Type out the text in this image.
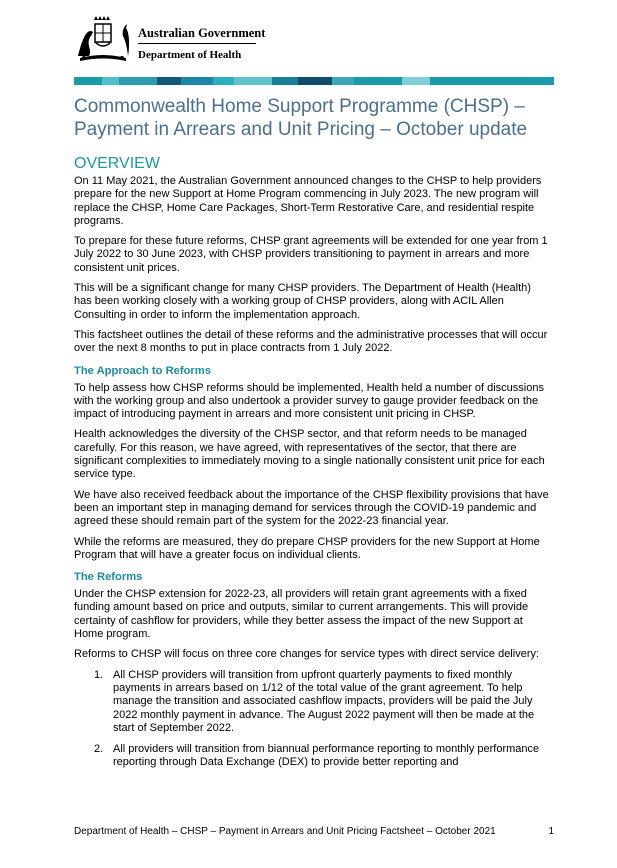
Australian Government
Department of Health
Commonwealth Home Support Programme (CHSP) – Payment in Arrears and Unit Pricing – October update
OVERVIEW

On 11 May 2021, the Australian Government announced changes to the CHSP to help providers prepare for the new Support at Home Program commencing in July 2023. The new program will replace the CHSP, Home Care Packages, Short-Term Restorative Care, and residential respite programs.

To prepare for these future reforms, CHSP grant agreements will be extended for one year from 1 July 2022 to 30 June 2023, with CHSP providers transitioning to payment in arrears and more consistent unit prices.

This will be a significant change for many CHSP providers. The Department of Health (Health) has been working closely with a working group of CHSP providers, along with ACIL Allen Consulting in order to inform the implementation approach.

This factsheet outlines the detail of these reforms and the administrative processes that will occur over the next 8 months to put in place contracts from 1 July 2022.

The Approach to Reforms

To help assess how CHSP reforms should be implemented, Health held a number of discussions with the working group and also undertook a provider survey to gauge provider feedback on the impact of introducing payment in arrears and more consistent unit pricing in CHSP.

Health acknowledges the diversity of the CHSP sector, and that reform needs to be managed carefully. For this reason, we have agreed, with representatives of the sector, that there are significant complexities to immediately moving to a single nationally consistent unit price for each service type.

We have also received feedback about the importance of the CHSP flexibility provisions that have been an important step in managing demand for services through the COVID-19 pandemic and agreed these should remain part of the system for the 2022-23 financial year.

While the reforms are measured, they do prepare CHSP providers for the new Support at Home Program that will have a greater focus on individual clients.

The Reforms

Under the CHSP extension for 2022-23, all providers will retain grant agreements with a fixed funding amount based on price and outputs, similar to current arrangements. This will provide certainty of cashflow for providers, while they better assess the impact of the new Support at Home program.

Reforms to CHSP will focus on three core changes for service types with direct service delivery:

1. All CHSP providers will transition from upfront quarterly payments to fixed monthly payments in arrears based on 1/12 of the total value of the grant agreement. To help manage the transition and associated cashflow impacts, providers will be paid the July 2022 monthly payment in advance. The August 2022 payment will then be made at the start of September 2022.
2. All providers will transition from biannual performance reporting to monthly performance reporting through Data Exchange (DEX) to provide better reporting and
Department of Health – CHSP – Payment in Arrears and Unit Pricing Factsheet – October 2021	1
